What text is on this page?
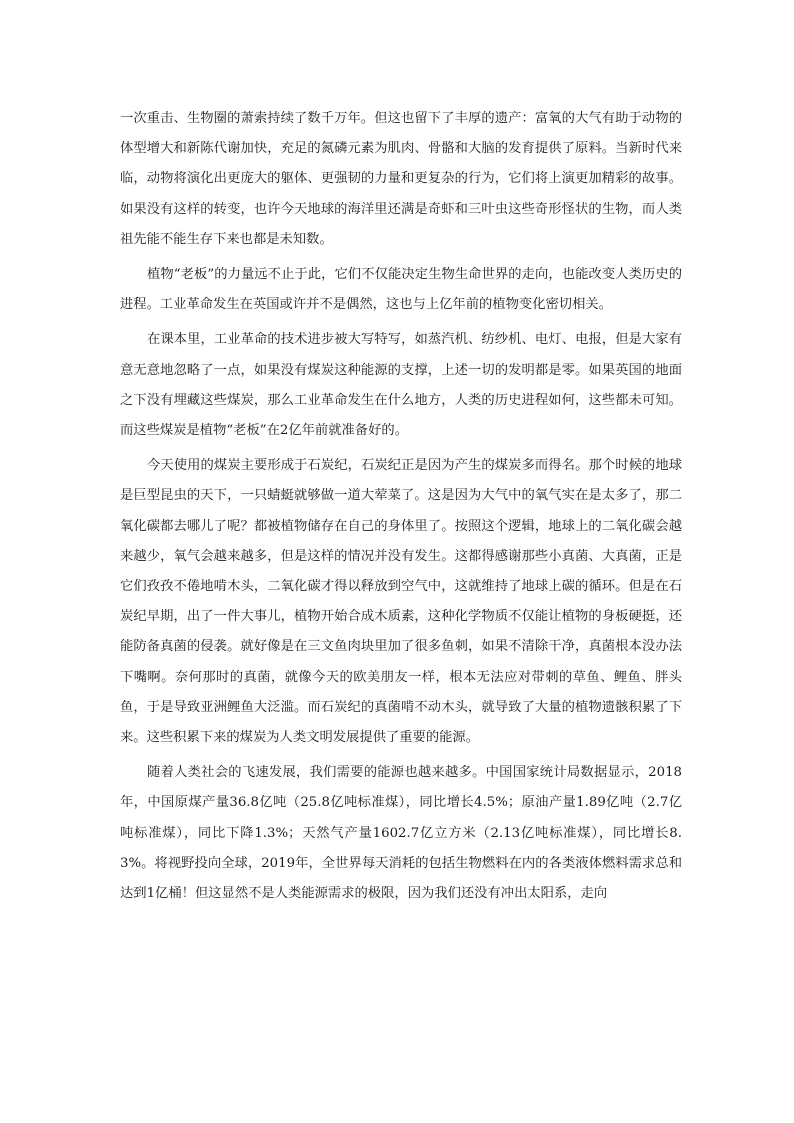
一次重击、生物圈的萧索持续了数千万年。但这也留下了丰厚的遗产：富氧的大气有助于动物的体型增大和新陈代谢加快，充足的氮磷元素为肌肉、骨骼和大脑的发育提供了原料。当新时代来临，动物将演化出更庞大的躯体、更强韧的力量和更复杂的行为，它们将上演更加精彩的故事。如果没有这样的转变，也许今天地球的海洋里还满是奇虾和三叶虫这些奇形怪状的生物，而人类祖先能不能生存下来也都是未知数。

植物“老板”的力量远不止于此，它们不仅能决定生物生命世界的走向，也能改变人类历史的进程。工业革命发生在英国或许并不是偶然，这也与上亿年前的植物变化密切相关。

在课本里，工业革命的技术进步被大写特写，如蒸汽机、纺纱机、电灯、电报，但是大家有意无意地忽略了一点，如果没有煤炭这种能源的支撑，上述一切的发明都是零。如果英国的地面之下没有埋藏这些煤炭，那么工业革命发生在什么地方，人类的历史进程如何，这些都未可知。而这些煤炭是植物“老板”在2亿年前就准备好的。

今天使用的煤炭主要形成于石炭纪，石炭纪正是因为产生的煤炭多而得名。那个时候的地球是巨型昆虫的天下，一只蜻蜓就够做一道大荤菜了。这是因为大气中的氧气实在是太多了，那二氧化碳都去哪儿了呢？都被植物储存在自己的身体里了。按照这个逻辑，地球上的二氧化碳会越来越少，氧气会越来越多，但是这样的情况并没有发生。这都得感谢那些小真菌、大真菌，正是它们孜孜不倦地啃木头，二氧化碳才得以释放到空气中，这就维持了地球上碳的循环。但是在石炭纪早期，出了一件大事儿，植物开始合成木质素，这种化学物质不仅能让植物的身板硬挺，还能防备真菌的侵袭。就好像是在三文鱼肉块里加了很多鱼刺，如果不清除干净，真菌根本没办法下嘴啊。奈何那时的真菌，就像今天的欧美朋友一样，根本无法应对带刺的草鱼、鲤鱼、胖头鱼，于是导致亚洲鲤鱼大泛滥。而石炭纪的真菌啃不动木头，就导致了大量的植物遗骸积累了下来。这些积累下来的煤炭为人类文明发展提供了重要的能源。

随着人类社会的飞速发展，我们需要的能源也越来越多。中国国家统计局数据显示，2018年，中国原煤产量36.8亿吨（25.8亿吨标准煤），同比增长4.5%；原油产量1.89亿吨（2.7亿吨标准煤），同比下降1.3%；天然气产量1602.7亿立方米（2.13亿吨标准煤），同比增长8.3%。将视野投向全球，2019年，全世界每天消耗的包括生物燃料在内的各类液体燃料需求总和达到1亿桶！但这显然不是人类能源需求的极限，因为我们还没有冲出太阳系，走向
